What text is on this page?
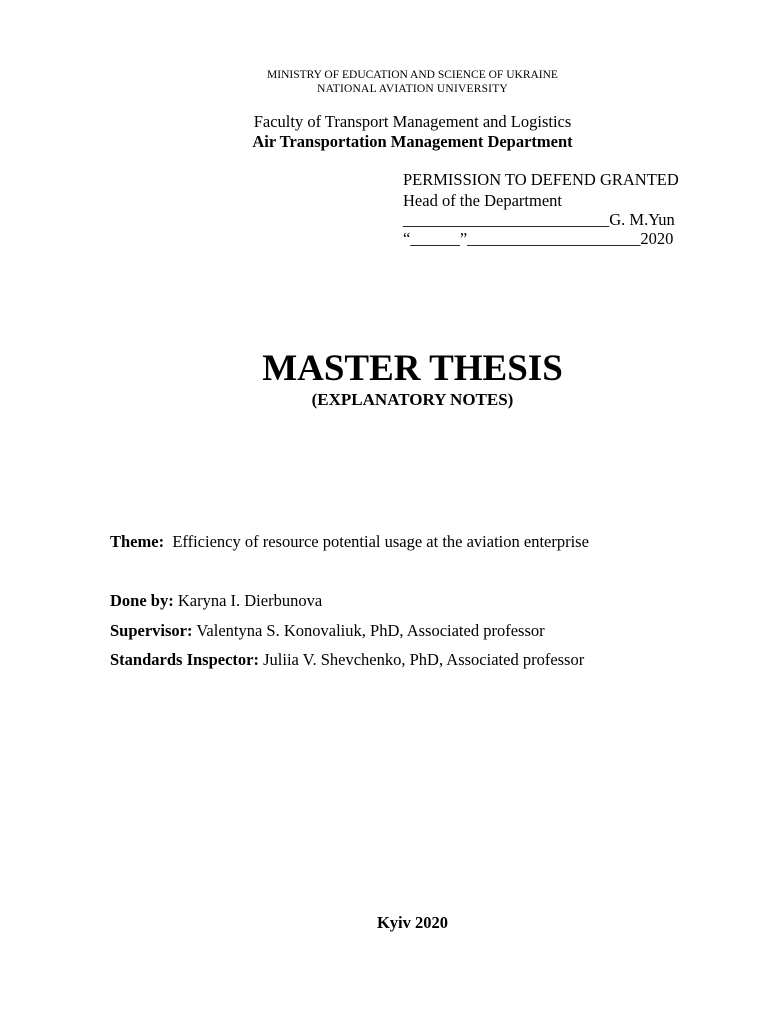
MINISTRY OF EDUCATION AND SCIENCE OF UKRAINE
NATIONAL AVIATION UNIVERSITY
Faculty of Transport Management and Logistics
Air Transportation Management Department
PERMISSION TO DEFEND GRANTED
Head of the Department
_________________________G. M.Yun
“______”_____________________2020
MASTER THESIS
(EXPLANATORY NOTES)
Theme:  Efficiency of resource potential usage at the aviation enterprise
Done by: Karyna I. Dierbunova
Supervisor: Valentyna S. Konovaliuk, PhD, Associated professor
Standards Inspector: Juliia V. Shevchenko, PhD, Associated professor
Kyiv 2020
